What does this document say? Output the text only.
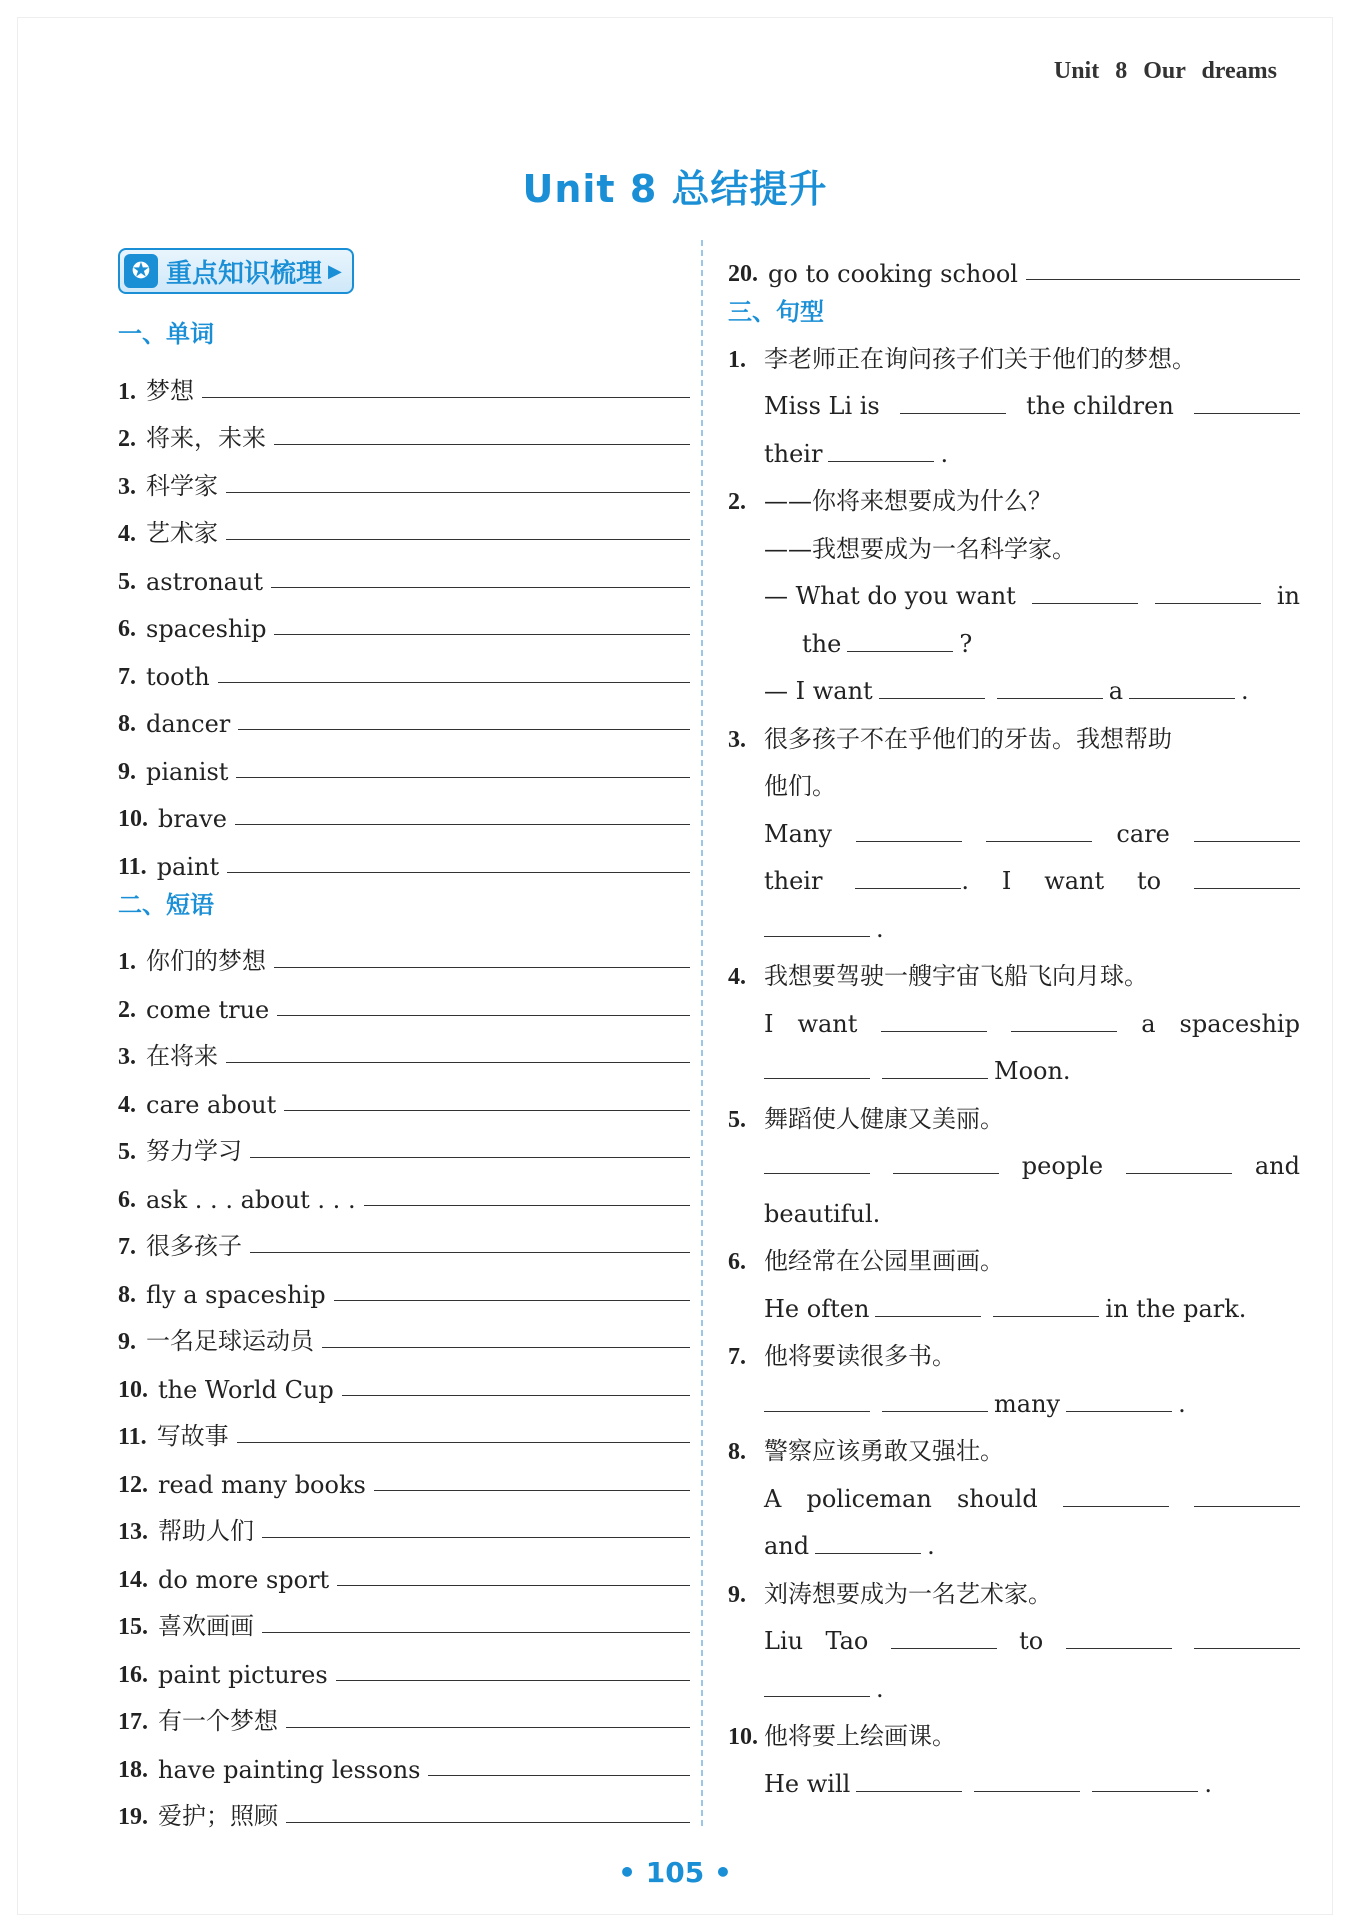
Unit 8 Our dreams
Unit 8 总结提升
✪ 重点知识梳理 ▶
一、单词
1. 梦想
2. 将来，未来
3. 科学家
4. 艺术家
5. astronaut
6. spaceship
7. tooth
8. dancer
9. pianist
10. brave
11. paint
二、短语
1. 你们的梦想
2. come true
3. 在将来
4. care about
5. 努力学习
6. ask . . . about . . .
7. 很多孩子
8. fly a spaceship
9. 一名足球运动员
10. the World Cup
11. 写故事
12. read many books
13. 帮助人们
14. do more sport
15. 喜欢画画
16. paint pictures
17. 有一个梦想
18. have painting lessons
19. 爱护；照顾
20. go to cooking school
三、句型
1. 李老师正在询问孩子们关于他们的梦想。
Miss Li is	the children
their	.
2. ——你将来想要成为什么？
——我想要成为一名科学家。
— What do you want	in
the	?
— I want	a	.
3. 很多孩子不在乎他们的牙齿。我想帮助
他们。
Many	care
their	. I want to
.
4. 我想要驾驶一艘宇宙飞船飞向月球。
I want	a spaceship
Moon.
5. 舞蹈使人健康又美丽。
people	and
beautiful.
6. 他经常在公园里画画。
He often	in the park.
7. 他将要读很多书。
many	.
8. 警察应该勇敢又强壮。
A policeman should
and	.
9. 刘涛想要成为一名艺术家。
Liu Tao	to
.
10. 他将要上绘画课。
He will	.
• 105 •
